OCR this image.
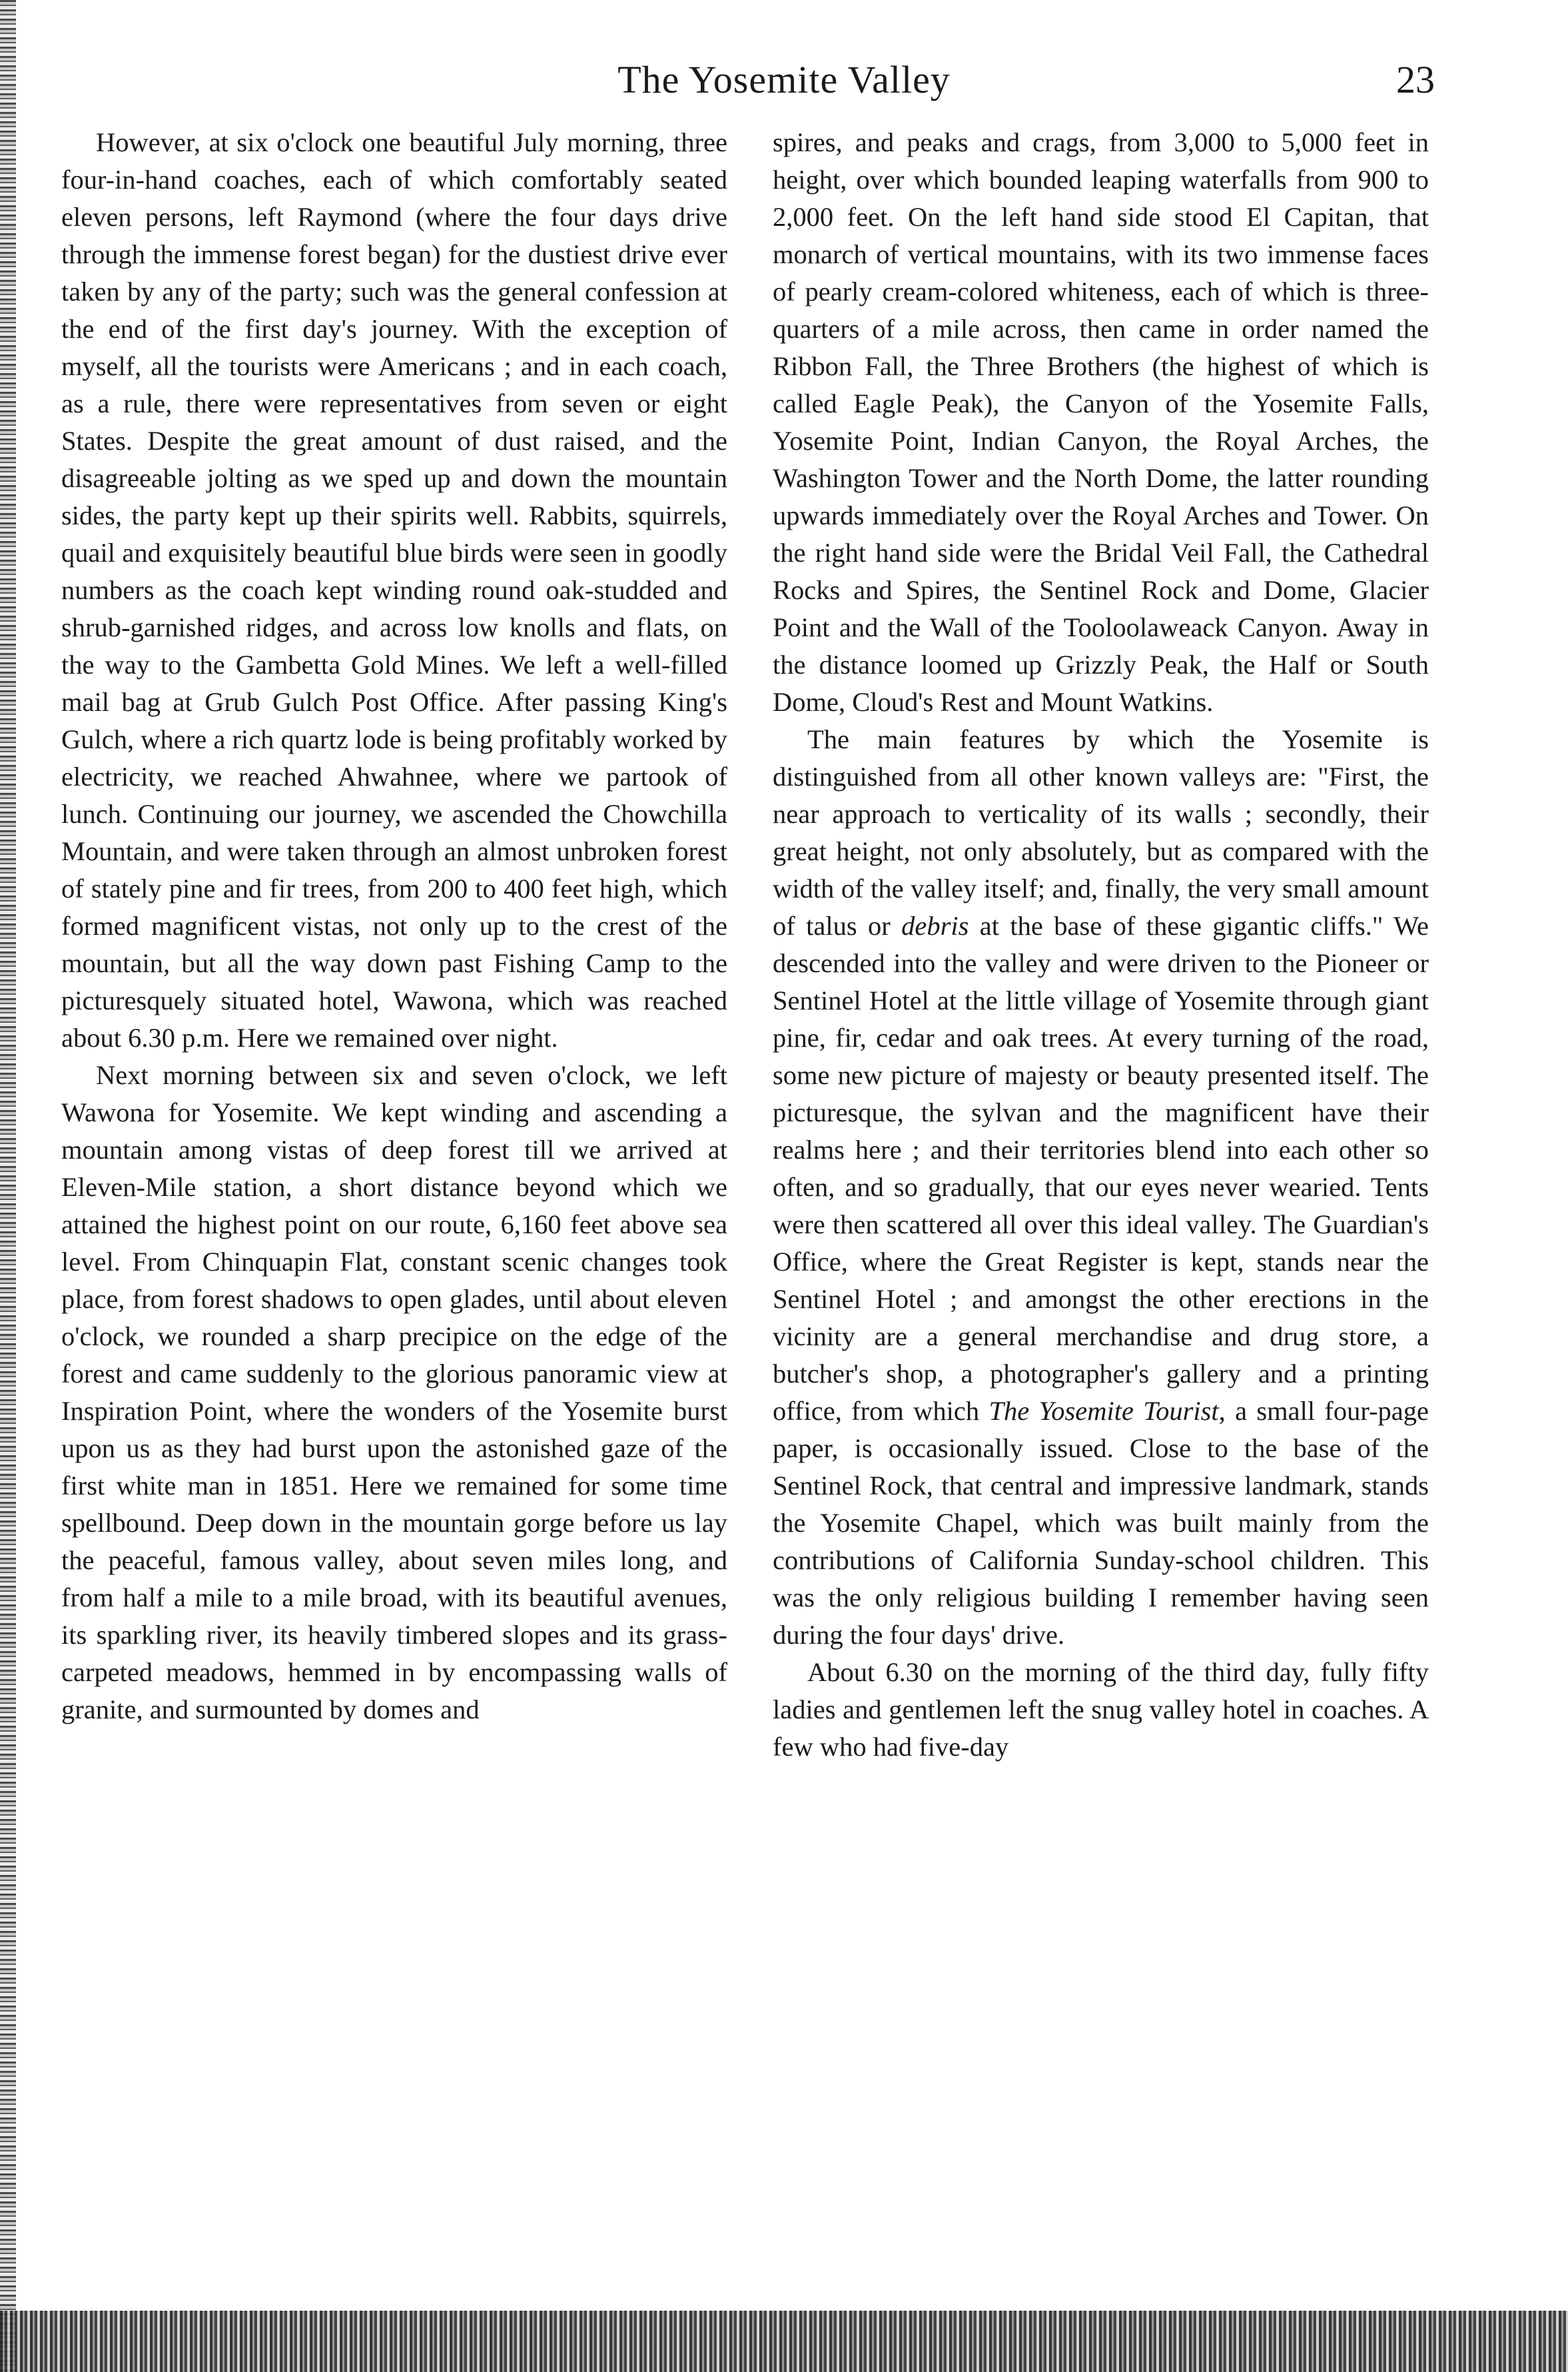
The Yosemite Valley	23

However, at six o'clock one beautiful July morning, three four-in-hand coaches, each of which comfortably seated eleven persons, left Raymond (where the four days drive through the immense forest began) for the dustiest drive ever taken by any of the party; such was the general confession at the end of the first day's journey. With the exception of myself, all the tourists were Americans ; and in each coach, as a rule, there were representatives from seven or eight States. Despite the great amount of dust raised, and the disagreeable jolting as we sped up and down the mountain sides, the party kept up their spirits well. Rabbits, squirrels, quail and exquisitely beautiful blue birds were seen in goodly numbers as the coach kept winding round oak-studded and shrub-garnished ridges, and across low knolls and flats, on the way to the Gambetta Gold Mines. We left a well-filled mail bag at Grub Gulch Post Office. After passing King's Gulch, where a rich quartz lode is being profitably worked by electricity, we reached Ahwahnee, where we partook of lunch. Continuing our journey, we ascended the Chowchilla Mountain, and were taken through an almost unbroken forest of stately pine and fir trees, from 200 to 400 feet high, which formed magnificent vistas, not only up to the crest of the mountain, but all the way down past Fishing Camp to the picturesquely situated hotel, Wawona, which was reached about 6.30 p.m. Here we remained over night.

Next morning between six and seven o'clock, we left Wawona for Yosemite. We kept winding and ascending a mountain among vistas of deep forest till we arrived at Eleven-Mile station, a short distance beyond which we attained the highest point on our route, 6,160 feet above sea level. From Chinquapin Flat, constant scenic changes took place, from forest shadows to open glades, until about eleven o'clock, we rounded a sharp precipice on the edge of the forest and came suddenly to the glorious panoramic view at Inspiration Point, where the wonders of the Yosemite burst upon us as they had burst upon the astonished gaze of the first white man in 1851. Here we remained for some time spellbound. Deep down in the mountain gorge before us lay the peaceful, famous valley, about seven miles long, and from half a mile to a mile broad, with its beautiful avenues, its sparkling river, its heavily timbered slopes and its grass-carpeted meadows, hemmed in by encompassing walls of granite, and surmounted by domes and

spires, and peaks and crags, from 3,000 to 5,000 feet in height, over which bounded leaping waterfalls from 900 to 2,000 feet. On the left hand side stood El Capitan, that monarch of vertical mountains, with its two immense faces of pearly cream-colored whiteness, each of which is three-quarters of a mile across, then came in order named the Ribbon Fall, the Three Brothers (the highest of which is called Eagle Peak), the Canyon of the Yosemite Falls, Yosemite Point, Indian Canyon, the Royal Arches, the Washington Tower and the North Dome, the latter rounding upwards immediately over the Royal Arches and Tower. On the right hand side were the Bridal Veil Fall, the Cathedral Rocks and Spires, the Sentinel Rock and Dome, Glacier Point and the Wall of the Tooloolaweack Canyon. Away in the distance loomed up Grizzly Peak, the Half or South Dome, Cloud's Rest and Mount Watkins.

The main features by which the Yosemite is distinguished from all other known valleys are: "First, the near approach to verticality of its walls ; secondly, their great height, not only absolutely, but as compared with the width of the valley itself; and, finally, the very small amount of talus or debris at the base of these gigantic cliffs." We descended into the valley and were driven to the Pioneer or Sentinel Hotel at the little village of Yosemite through giant pine, fir, cedar and oak trees. At every turning of the road, some new picture of majesty or beauty presented itself. The picturesque, the sylvan and the magnificent have their realms here ; and their territories blend into each other so often, and so gradually, that our eyes never wearied. Tents were then scattered all over this ideal valley. The Guardian's Office, where the Great Register is kept, stands near the Sentinel Hotel ; and amongst the other erections in the vicinity are a general merchandise and drug store, a butcher's shop, a photographer's gallery and a printing office, from which The Yosemite Tourist, a small four-page paper, is occasionally issued. Close to the base of the Sentinel Rock, that central and impressive landmark, stands the Yosemite Chapel, which was built mainly from the contributions of California Sunday-school children. This was the only religious building I remember having seen during the four days' drive.

About 6.30 on the morning of the third day, fully fifty ladies and gentlemen left the snug valley hotel in coaches. A few who had five-day
